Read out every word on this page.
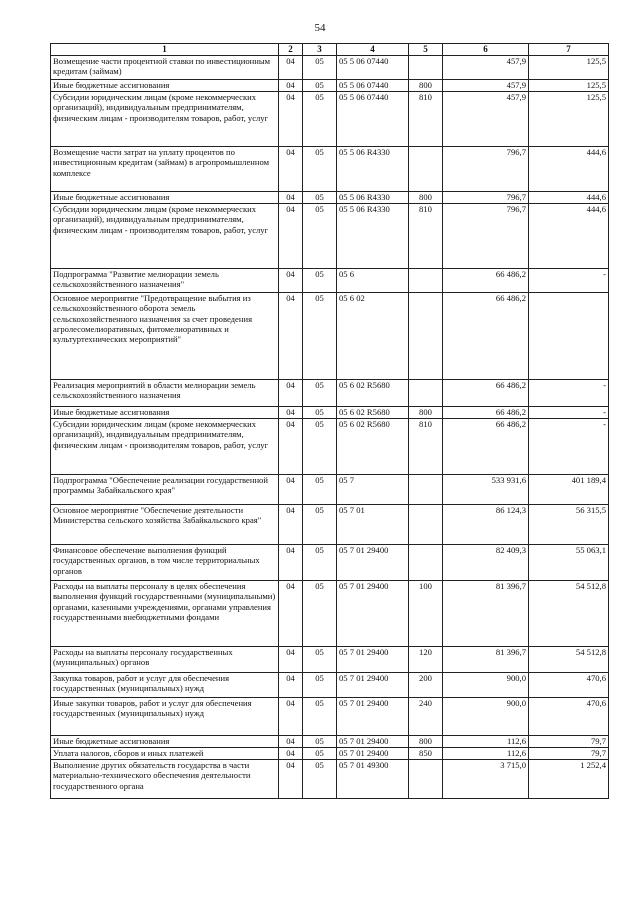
54
1	2	3	4	5	6	7
Возмещение части процентной ставки по инвестиционным кредитам (займам)	04	05	05 5 06 07440		457,9	125,5
Иные бюджетные ассигнования	04	05	05 5 06 07440	800	457,9	125,5
Субсидии юридическим лицам (кроме некоммерческих организаций), индивидуальным предпринимателям, физическим лицам - производителям товаров, работ, услуг	04	05	05 5 06 07440	810	457,9	125,5
Возмещение части затрат на уплату процентов по инвестиционным кредитам (займам) в агропромышленном комплексе	04	05	05 5 06 R4330		796,7	444,6
Иные бюджетные ассигнования	04	05	05 5 06 R4330	800	796,7	444,6
Субсидии юридическим лицам (кроме некоммерческих организаций), индивидуальным предпринимателям, физическим лицам - производителям товаров, работ, услуг	04	05	05 5 06 R4330	810	796,7	444,6
Подпрограмма "Развитие мелиорации земель сельскохозяйственного назначения"	04	05	05 6		66 486,2	-
Основное мероприятие "Предотвращение выбытия из сельскохозяйственного оборота земель сельскохозяйственного назначения за счет проведения агролесомелиоративных, фитомелиоративных и культуртехнических мероприятий"	04	05	05 6 02		66 486,2	
Реализация мероприятий в области мелиорации земель сельскохозяйственного назначения	04	05	05 6 02 R5680		66 486,2	-
Иные бюджетные ассигнования	04	05	05 6 02 R5680	800	66 486,2	-
Субсидии юридическим лицам (кроме некоммерческих организаций), индивидуальным предпринимателям, физическим лицам - производителям товаров, работ, услуг	04	05	05 6 02 R5680	810	66 486,2	-
Подпрограмма "Обеспечение реализации государственной программы Забайкальского края"	04	05	05 7		533 931,6	401 189,4
Основное мероприятие "Обеспечение деятельности Министерства сельского хозяйства Забайкальского края"	04	05	05 7 01		86 124,3	56 315,5
Финансовое обеспечение выполнения функций государственных органов, в том числе территориальных органов	04	05	05 7 01 29400		82 409,3	55 063,1
Расходы на выплаты персоналу в целях обеспечения выполнения функций государственными (муниципальными) органами, казенными учреждениями, органами управления государственными внебюджетными фондами	04	05	05 7 01 29400	100	81 396,7	54 512,8
Расходы на выплаты персоналу государственных (муниципальных) органов	04	05	05 7 01 29400	120	81 396,7	54 512,8
Закупка товаров, работ и услуг для обеспечения государственных (муниципальных) нужд	04	05	05 7 01 29400	200	900,0	470,6
Иные закупки товаров, работ и услуг для обеспечения государственных (муниципальных) нужд	04	05	05 7 01 29400	240	900,0	470,6
Иные бюджетные ассигнования	04	05	05 7 01 29400	800	112,6	79,7
Уплата налогов, сборов и иных платежей	04	05	05 7 01 29400	850	112,6	79,7
Выполнение других обязательств государства в части материально-технического обеспечения деятельности государственного органа	04	05	05 7 01 49300		3 715,0	1 252,4
